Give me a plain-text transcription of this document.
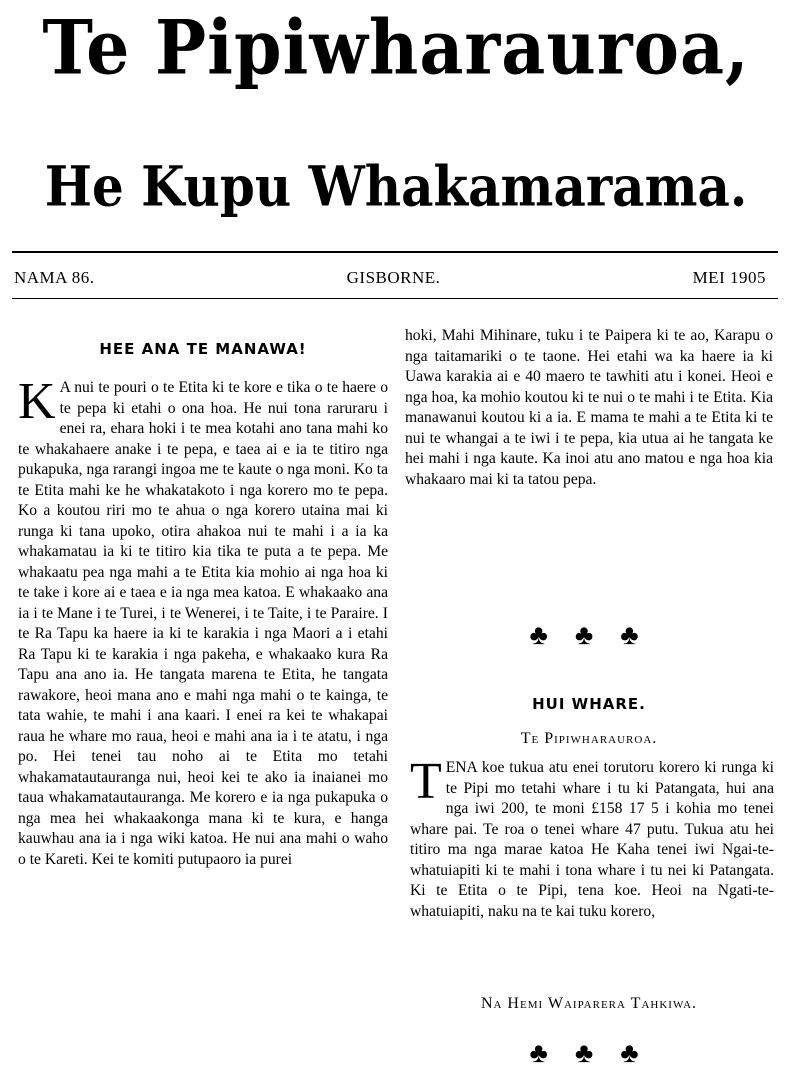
Te Pipiwharauroa,
He Kupu Whakamarama.
NAMA 86.	GISBORNE.	MEI 1905
HEE ANA TE MANAWA!

K A nui te pouri o te Etita ki te kore e tika o te haere o te pepa ki etahi o ona hoa. He nui tona raruraru i enei ra, ehara hoki i te mea kotahi ano tana mahi ko te whakahaere anake i te pepa, e taea ai e ia te titiro nga pukapuka, nga rarangi ingoa me te kaute o nga moni. Ko ta te Etita mahi ke he whakatakoto i nga korero mo te pepa. Ko a koutou riri mo te ahua o nga korero utaina mai ki runga ki tana upoko, otira ahakoa nui te mahi i a ia ka whakamatau ia ki te titiro kia tika te puta a te pepa. Me whakaatu pea nga mahi a te Etita kia mohio ai nga hoa ki te take i kore ai e taea e ia nga mea katoa. E whakaako ana ia i te Mane i te Turei, i te Wenerei, i te Taite, i te Paraire. I te Ra Tapu ka haere ia ki te karakia i nga Maori a i etahi Ra Tapu ki te karakia i nga pakeha, e whakaako kura Ra Tapu ana ano ia. He tangata marena te Etita, he tangata rawakore, heoi mana ano e mahi nga mahi o te kainga, te tata wahie, te mahi i ana kaari. I enei ra kei te whakapai raua he whare mo raua, heoi e mahi ana ia i te atatu, i nga po. Hei tenei tau noho ai te Etita mo tetahi whakamatautauranga nui, heoi kei te ako ia inaianei mo taua whakamatautauranga. Me korero e ia nga pukapuka o nga mea hei whakaakonga mana ki te kura, e hanga kauwhau ana ia i nga wiki katoa. He nui ana mahi o waho o te Kareti. Kei te komiti putupaoro ia purei

hoki, Mahi Mihinare, tuku i te Paipera ki te ao, Karapu o nga taitamariki o te taone. Hei etahi wa ka haere ia ki Uawa karakia ai e 40 maero te tawhiti atu i konei. Heoi e nga hoa, ka mohio koutou ki te nui o te mahi i te Etita. Kia manawanui koutou ki a ia. E mama te mahi a te Etita ki te nui te whangai a te iwi i te pepa, kia utua ai he tangata ke hei mahi i nga kaute. Ka inoi atu ano matou e nga hoa kia whakaaro mai ki ta tatou pepa.

♣ ♣ ♣
HUI WHARE.
Te Pipiwharauroa.

TENA koe tukua atu enei torutoru korero ki runga ki te Pipi mo tetahi whare i tu ki Patangata, hui ana nga iwi 200, te moni £158 17 5 i kohia mo tenei whare pai. Te roa o tenei whare 47 putu. Tukua atu hei titiro ma nga marae katoa He Kaha tenei iwi Ngai-te-whatuiapiti ki te mahi i tona whare i tu nei ki Patangata. Ki te Etita o te Pipi, tena koe. Heoi na Ngati-te-whatuiapiti, naku na te kai tuku korero,

Na Hemi Waiparera Tahkiwa.
♣ ♣ ♣
